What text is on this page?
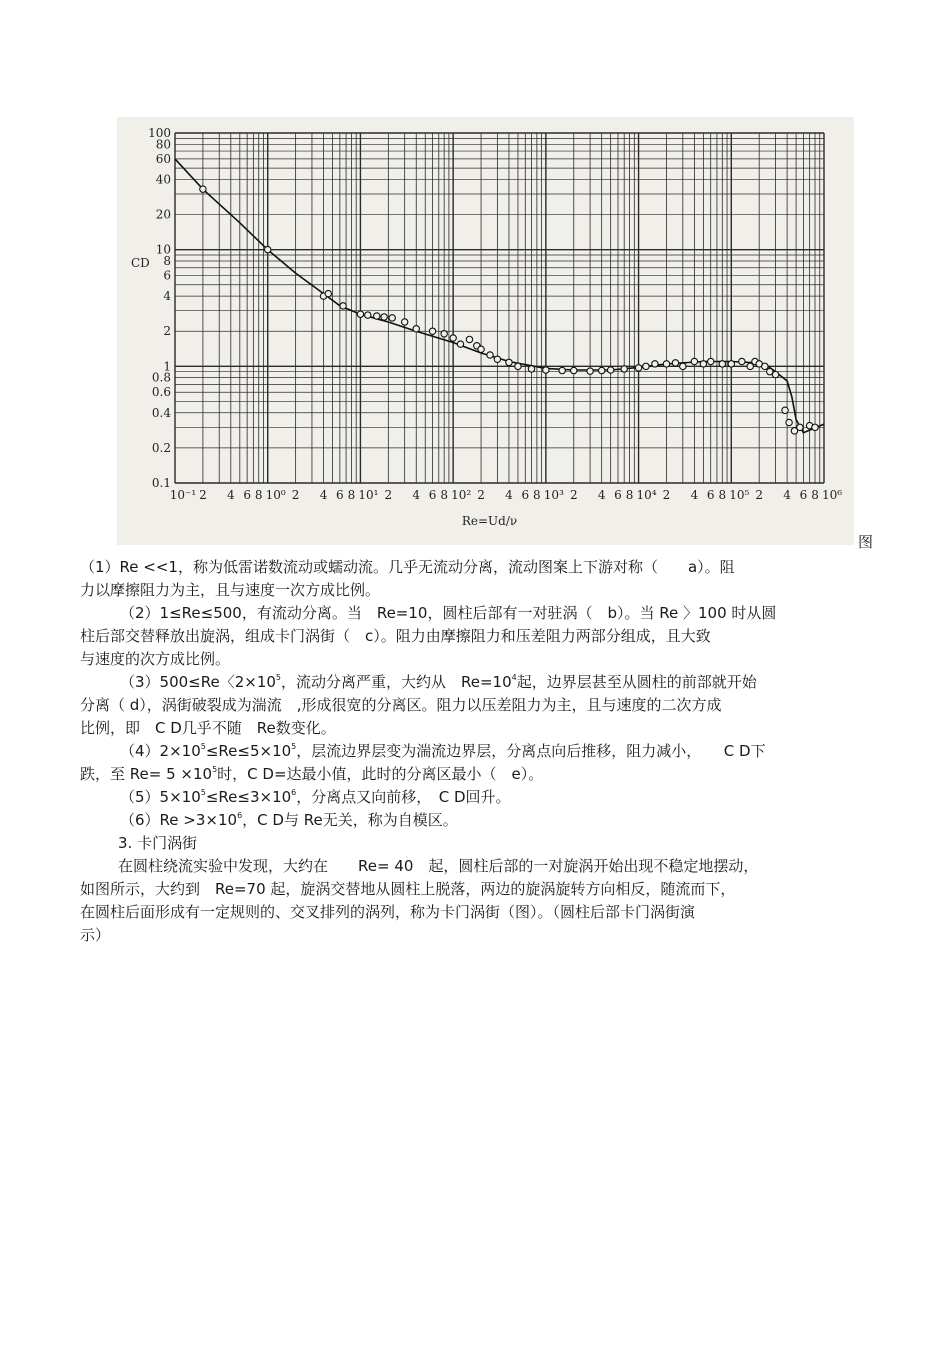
100
80
60
40
20
10
8
6
4
2
1
0.8
0.6
0.4
0.2
0.1
10⁻¹ 2 4 6 8 10⁰ 2 4 6 8 10¹ 2 4 6 8 10² 2 4 6 8 10³ 2 4 6 8 10⁴ 2 4 6 8 10⁵ 2 4 6 8 10⁶
CD
Re=Ud/ν
图

（1）Re <<1，称为低雷诺数流动或蠕动流。几乎无流动分离，流动图案上下游对称（　　a）。阻

力以摩擦阻力为主，且与速度一次方成比例。

（2）1≤Re≤500，有流动分离。当　Re=10，圆柱后部有一对驻涡（　b）。当 Re 〉100 时从圆

柱后部交替释放出旋涡，组成卡门涡街（　c）。阻力由摩擦阻力和压差阻力两部分组成，且大致

与速度的次方成比例。

（3）500≤Re〈$2\times 10^5$，流动分离严重，大约从　$Re=10^4$起，边界层甚至从圆柱的前部就开始

分离（ d），涡街破裂成为湍流　,形成很宽的分离区。阻力以压差阻力为主，且与速度的二次方成

比例，即　C D几乎不随　Re数变化。

$(4)2\times 10^5\le Re\le 5\times 10^5$，层流边界层变为湍流边界层，分离点向后推移，阻力减小，　　C D下

跌，至 $Re= 5 \times 10^5$时，C D=达最小值，此时的分离区最小（　e）。

$(5)5\times 10^5\le Re\le 3\times 10^6$，分离点又向前移，　C D回升。

$(6)Re >3\times 10^6$，C D与 Re无关，称为自模区。

3. 卡门涡街

在圆柱绕流实验中发现，大约在　　Re= 40　起，圆柱后部的一对旋涡开始出现不稳定地摆动，

如图所示，大约到　Re=70 起，旋涡交替地从圆柱上脱落，两边的旋涡旋转方向相反，随流而下，

在圆柱后面形成有一定规则的、交叉排列的涡列，称为卡门涡街（图）。（圆柱后部卡门涡街演

示）
